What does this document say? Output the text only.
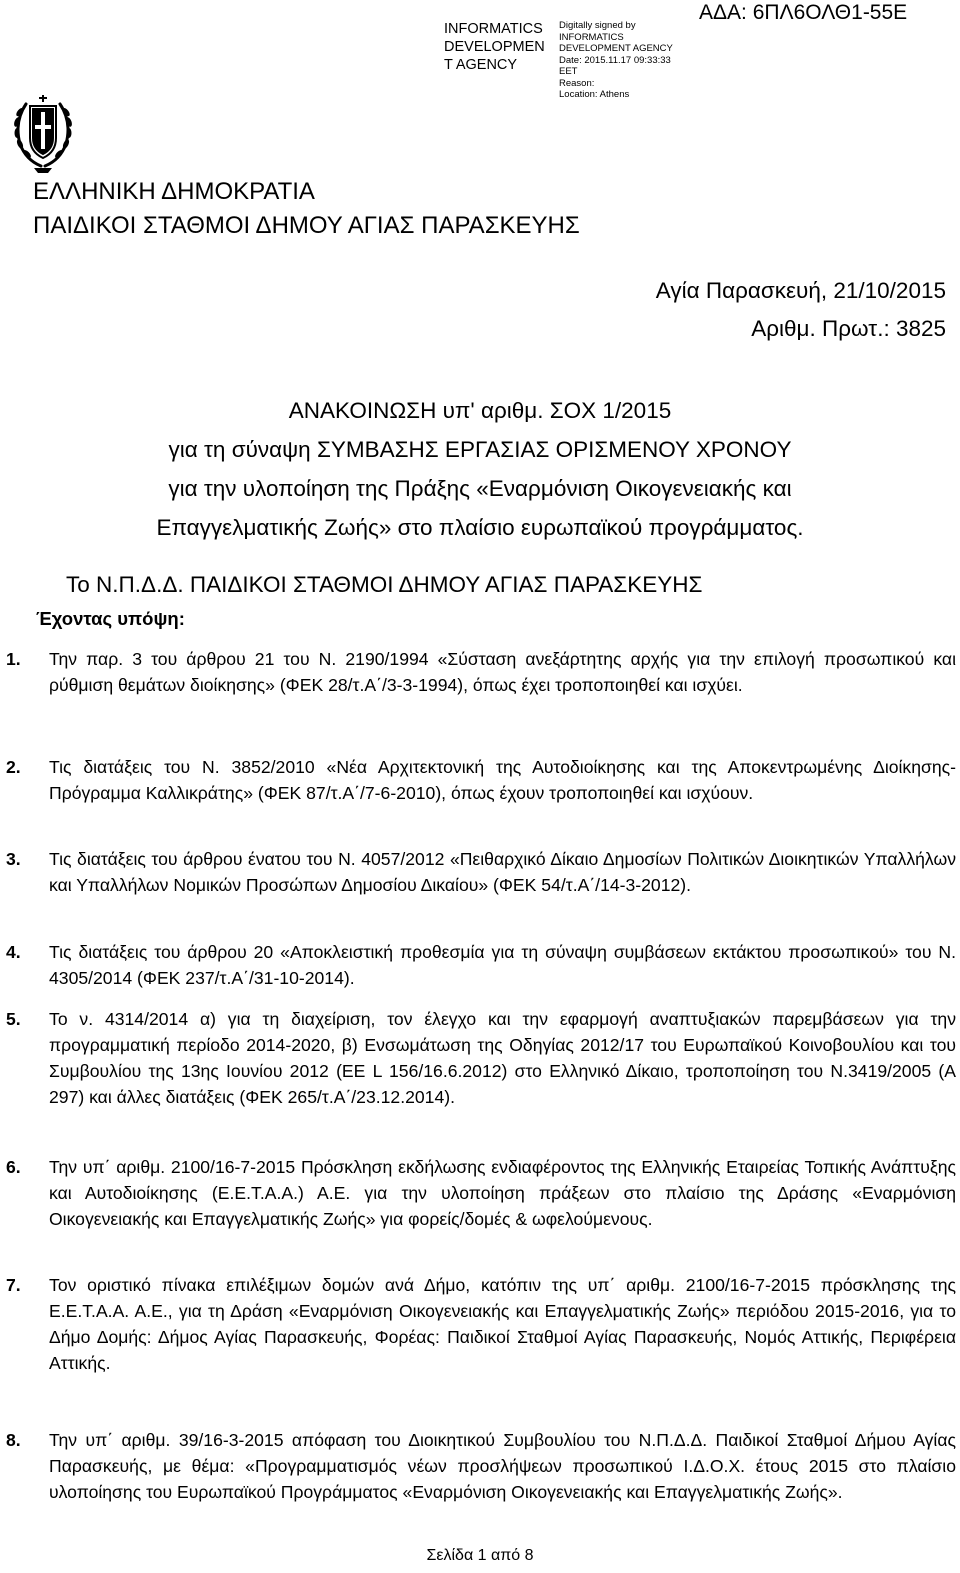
INFORMATICS
DEVELOPMEN
T AGENCY
Digitally signed by
INFORMATICS
DEVELOPMENT AGENCY
Date: 2015.11.17 09:33:33
EET
Reason:
Location: Athens
ΑΔΑ: 6ΠΛ6ΟΛΘ1-55Ε
ΕΛΛΗΝΙΚΗ ΔΗΜΟΚΡΑΤΙΑ
ΠΑΙΔΙΚΟΙ ΣΤΑΘΜΟΙ ΔΗΜΟΥ ΑΓΙΑΣ ΠΑΡΑΣΚΕΥΗΣ
Αγία Παρασκευή, 21/10/2015
Αριθμ. Πρωτ.: 3825
ΑΝΑΚΟΙΝΩΣΗ υπ' αριθμ. ΣΟΧ 1/2015
για τη σύναψη ΣΥΜΒΑΣΗΣ ΕΡΓΑΣΙΑΣ ΟΡΙΣΜΕΝΟΥ ΧΡΟΝΟΥ
για την υλοποίηση της Πράξης «Εναρμόνιση Οικογενειακής και
Επαγγελματικής Ζωής» στο πλαίσιο ευρωπαϊκού προγράμματος.
Το Ν.Π.Δ.Δ. ΠΑΙΔΙΚΟΙ ΣΤΑΘΜΟΙ ΔΗΜΟΥ ΑΓΙΑΣ ΠΑΡΑΣΚΕΥΗΣ
Έχοντας υπόψη:
1. Την παρ. 3 του άρθρου 21 του Ν. 2190/1994 «Σύσταση ανεξάρτητης αρχής για την επιλογή προσωπικού και ρύθμιση θεμάτων διοίκησης» (ΦΕΚ 28/τ.Α΄/3-3-1994), όπως έχει τροποποιηθεί και ισχύει.
2. Τις διατάξεις του Ν. 3852/2010 «Νέα Αρχιτεκτονική της Αυτοδιοίκησης και της Αποκεντρωμένης Διοίκησης- Πρόγραμμα Καλλικράτης» (ΦΕΚ 87/τ.Α΄/7-6-2010), όπως έχουν τροποποιηθεί και ισχύουν.
3. Τις διατάξεις του άρθρου ένατου του Ν. 4057/2012 «Πειθαρχικό Δίκαιο Δημοσίων Πολιτικών Διοικητικών Υπαλλήλων και Υπαλλήλων Νομικών Προσώπων Δημοσίου Δικαίου» (ΦΕΚ 54/τ.Α΄/14-3-2012).
4. Τις διατάξεις του άρθρου 20 «Αποκλειστική προθεσμία για τη σύναψη συμβάσεων εκτάκτου προσωπικού» του Ν. 4305/2014 (ΦΕΚ 237/τ.Α΄/31-10-2014).
5. Το ν. 4314/2014 α) για τη διαχείριση, τον έλεγχο και την εφαρμογή αναπτυξιακών παρεμβάσεων για την προγραμματική περίοδο 2014-2020, β) Ενσωμάτωση της Οδηγίας 2012/17 του Ευρωπαϊκού Κοινοβουλίου και του Συμβουλίου της 13ης Ιουνίου 2012 (ΕΕ L 156/16.6.2012) στο Ελληνικό Δίκαιο, τροποποίηση του Ν.3419/2005 (Α 297) και άλλες διατάξεις (ΦΕΚ 265/τ.Α΄/23.12.2014).
6. Την υπ΄ αριθμ. 2100/16-7-2015 Πρόσκληση εκδήλωσης ενδιαφέροντος της Ελληνικής Εταιρείας Τοπικής Ανάπτυξης και Αυτοδιοίκησης (Ε.Ε.Τ.Α.Α.) Α.Ε. για την υλοποίηση πράξεων στο πλαίσιο της Δράσης «Εναρμόνιση Οικογενειακής και Επαγγελματικής Ζωής» για φορείς/δομές & ωφελούμενους.
7. Τον οριστικό πίνακα επιλέξιμων δομών ανά Δήμο, κατόπιν της υπ΄ αριθμ. 2100/16-7-2015 πρόσκλησης της Ε.Ε.Τ.Α.Α. Α.Ε., για τη Δράση «Εναρμόνιση Οικογενειακής και Επαγγελματικής Ζωής» περιόδου 2015-2016, για το Δήμο Δομής: Δήμος Αγίας Παρασκευής, Φορέας: Παιδικοί Σταθμοί Αγίας Παρασκευής, Νομός Αττικής, Περιφέρεια Αττικής.
8. Την υπ΄ αριθμ. 39/16-3-2015 απόφαση του Διοικητικού Συμβουλίου του Ν.Π.Δ.Δ. Παιδικοί Σταθμοί Δήμου Αγίας Παρασκευής, με θέμα: «Προγραμματισμός νέων προσλήψεων προσωπικού Ι.Δ.Ο.Χ. έτους 2015 στο πλαίσιο υλοποίησης του Ευρωπαϊκού Προγράμματος «Εναρμόνιση Οικογενειακής και Επαγγελματικής Ζωής».
Σελίδα 1 από 8
